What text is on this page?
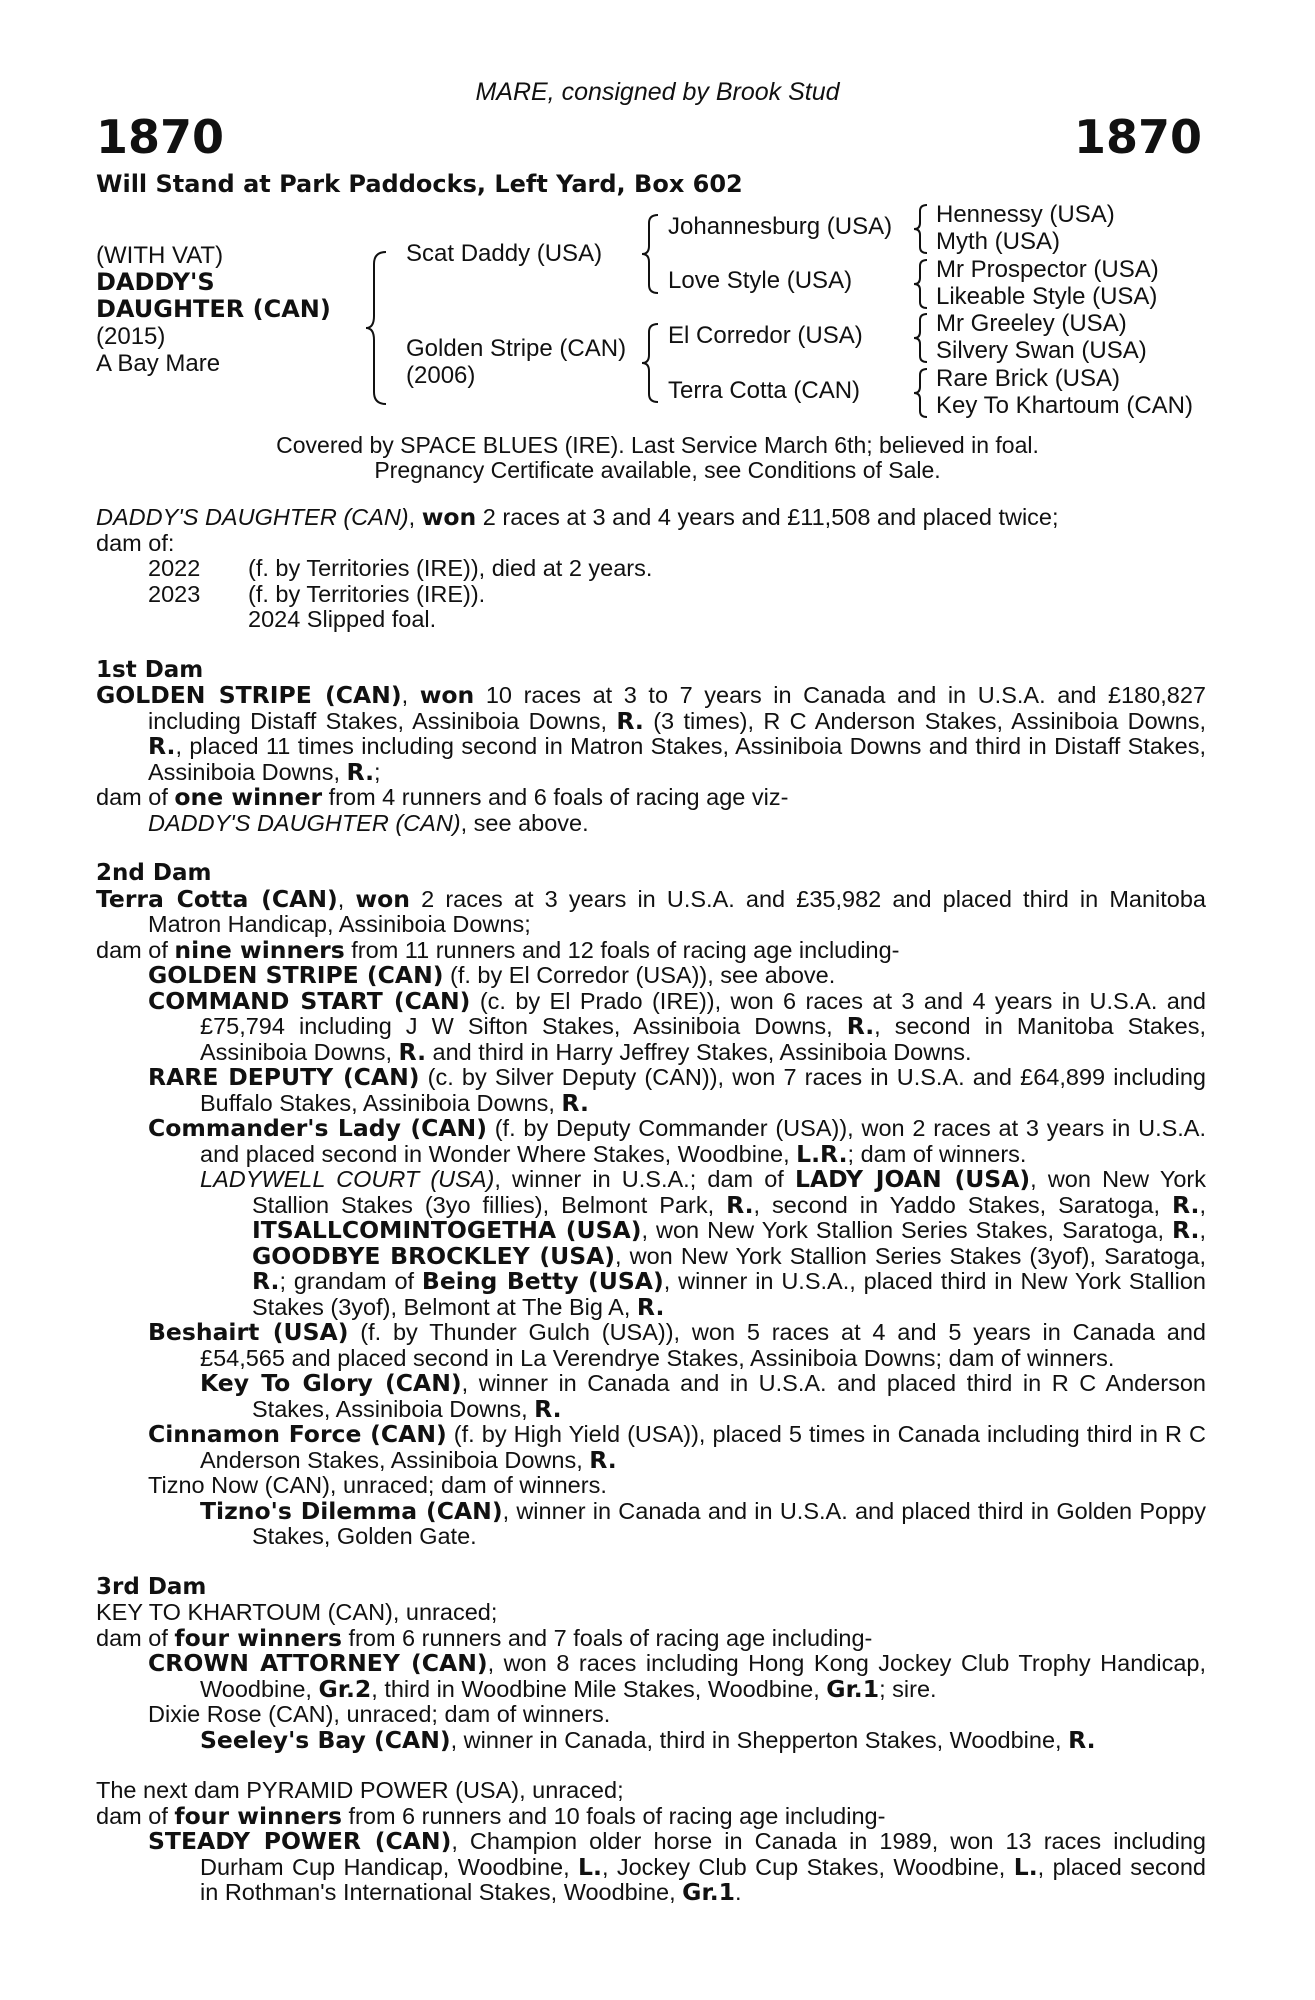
MARE, consigned by Brook Stud
1870	1870
Will Stand at Park Paddocks, Left Yard, Box 602
(WITH VAT)
DADDY'S
DAUGHTER (CAN)
(2015)
A Bay Mare
Scat Daddy (USA)
Golden Stripe (CAN)
(2006)
Johannesburg (USA)
Love Style (USA)
El Corredor (USA)
Terra Cotta (CAN)
Hennessy (USA)
Myth (USA)
Mr Prospector (USA)
Likeable Style (USA)
Mr Greeley (USA)
Silvery Swan (USA)
Rare Brick (USA)
Key To Khartoum (CAN)
Covered by SPACE BLUES (IRE). Last Service March 6th; believed in foal.
Pregnancy Certificate available, see Conditions of Sale.

DADDY'S DAUGHTER (CAN), won 2 races at 3 and 4 years and £11,508 and placed twice;

dam of:

2022 (f. by Territories (IRE)), died at 2 years.

2023 (f. by Territories (IRE)).

2024 Slipped foal.

1st Dam

GOLDEN STRIPE (CAN), won 10 races at 3 to 7 years in Canada and in U.S.A. and £180,827 including Distaff Stakes, Assiniboia Downs, R. (3 times), R C Anderson Stakes, Assiniboia Downs, R., placed 11 times including second in Matron Stakes, Assiniboia Downs and third in Distaff Stakes, Assiniboia Downs, R.;

dam of one winner from 4 runners and 6 foals of racing age viz-

DADDY'S DAUGHTER (CAN), see above.

2nd Dam

Terra Cotta (CAN), won 2 races at 3 years in U.S.A. and £35,982 and placed third in Manitoba Matron Handicap, Assiniboia Downs;

dam of nine winners from 11 runners and 12 foals of racing age including-

GOLDEN STRIPE (CAN) (f. by El Corredor (USA)), see above.

COMMAND START (CAN) (c. by El Prado (IRE)), won 6 races at 3 and 4 years in U.S.A. and £75,794 including J W Sifton Stakes, Assiniboia Downs, R., second in Manitoba Stakes, Assiniboia Downs, R. and third in Harry Jeffrey Stakes, Assiniboia Downs.

RARE DEPUTY (CAN) (c. by Silver Deputy (CAN)), won 7 races in U.S.A. and £64,899 including Buffalo Stakes, Assiniboia Downs, R.

Commander's Lady (CAN) (f. by Deputy Commander (USA)), won 2 races at 3 years in U.S.A. and placed second in Wonder Where Stakes, Woodbine, L.R.; dam of winners.

LADYWELL COURT (USA), winner in U.S.A.; dam of LADY JOAN (USA), won New York Stallion Stakes (3yo fillies), Belmont Park, R., second in Yaddo Stakes, Saratoga, R., ITSALLCOMINTOGETHA (USA), won New York Stallion Series Stakes, Saratoga, R., GOODBYE BROCKLEY (USA), won New York Stallion Series Stakes (3yof), Saratoga, R.; grandam of Being Betty (USA), winner in U.S.A., placed third in New York Stallion Stakes (3yof), Belmont at The Big A, R.

Beshairt (USA) (f. by Thunder Gulch (USA)), won 5 races at 4 and 5 years in Canada and £54,565 and placed second in La Verendrye Stakes, Assiniboia Downs; dam of winners.

Key To Glory (CAN), winner in Canada and in U.S.A. and placed third in R C Anderson Stakes, Assiniboia Downs, R.

Cinnamon Force (CAN) (f. by High Yield (USA)), placed 5 times in Canada including third in R C Anderson Stakes, Assiniboia Downs, R.

Tizno Now (CAN), unraced; dam of winners.

Tizno's Dilemma (CAN), winner in Canada and in U.S.A. and placed third in Golden Poppy Stakes, Golden Gate.

3rd Dam

KEY TO KHARTOUM (CAN), unraced;

dam of four winners from 6 runners and 7 foals of racing age including-

CROWN ATTORNEY (CAN), won 8 races including Hong Kong Jockey Club Trophy Handicap, Woodbine, Gr.2, third in Woodbine Mile Stakes, Woodbine, Gr.1; sire.

Dixie Rose (CAN), unraced; dam of winners.

Seeley's Bay (CAN), winner in Canada, third in Shepperton Stakes, Woodbine, R.

The next dam PYRAMID POWER (USA), unraced;

dam of four winners from 6 runners and 10 foals of racing age including-

STEADY POWER (CAN), Champion older horse in Canada in 1989, won 13 races including Durham Cup Handicap, Woodbine, L., Jockey Club Cup Stakes, Woodbine, L., placed second in Rothman's International Stakes, Woodbine, Gr.1.
